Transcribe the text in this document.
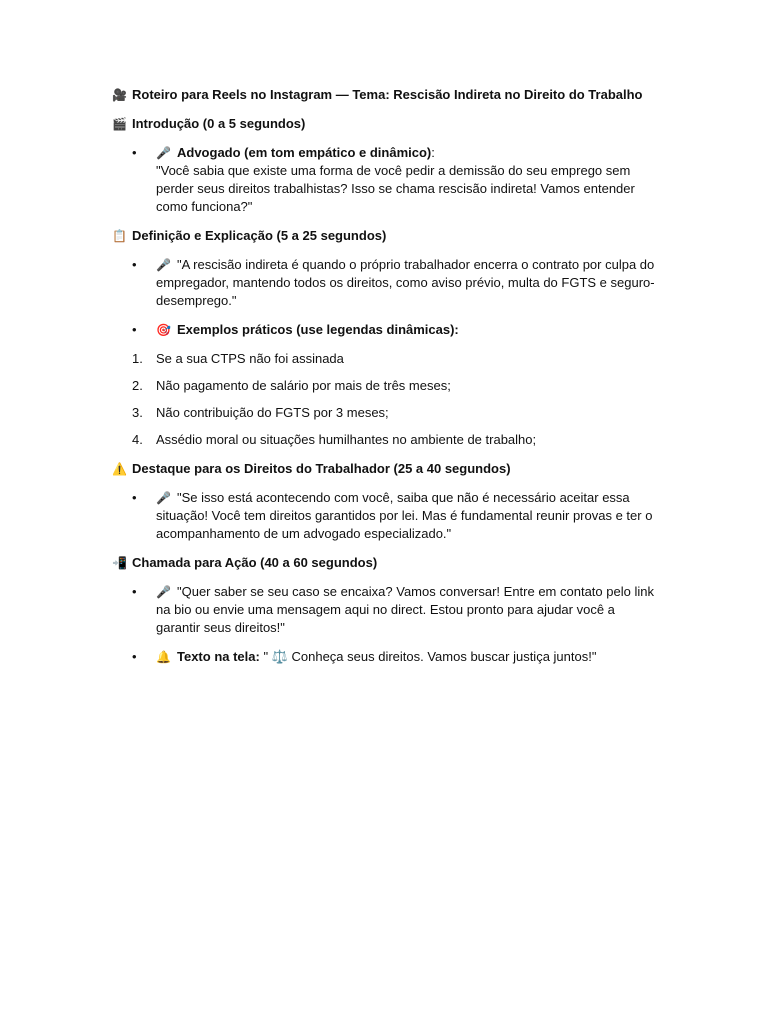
🎥 Roteiro para Reels no Instagram — Tema: Rescisão Indireta no Direito do Trabalho
🎬 Introdução (0 a 5 segundos)
• 🎤 Advogado (em tom empático e dinâmico):
"Você sabia que existe uma forma de você pedir a demissão do seu emprego sem perder seus direitos trabalhistas? Isso se chama rescisão indireta! Vamos entender como funciona?"
📋 Definição e Explicação (5 a 25 segundos)
• 🎤 "A rescisão indireta é quando o próprio trabalhador encerra o contrato por culpa do empregador, mantendo todos os direitos, como aviso prévio, multa do FGTS e seguro-desemprego."
• 🎯 Exemplos práticos (use legendas dinâmicas):
1. Se a sua CTPS não foi assinada
2. Não pagamento de salário por mais de três meses;
3. Não contribuição do FGTS por 3 meses;
4. Assédio moral ou situações humilhantes no ambiente de trabalho;
⚠️ Destaque para os Direitos do Trabalhador (25 a 40 segundos)
• 🎤 "Se isso está acontecendo com você, saiba que não é necessário aceitar essa situação! Você tem direitos garantidos por lei. Mas é fundamental reunir provas e ter o acompanhamento de um advogado especializado."
📲 Chamada para Ação (40 a 60 segundos)
• 🎤 "Quer saber se seu caso se encaixa? Vamos conversar! Entre em contato pelo link na bio ou envie uma mensagem aqui no direct. Estou pronto para ajudar você a garantir seus direitos!"
• 🔔 Texto na tela: " ⚖️ Conheça seus direitos. Vamos buscar justiça juntos!"
